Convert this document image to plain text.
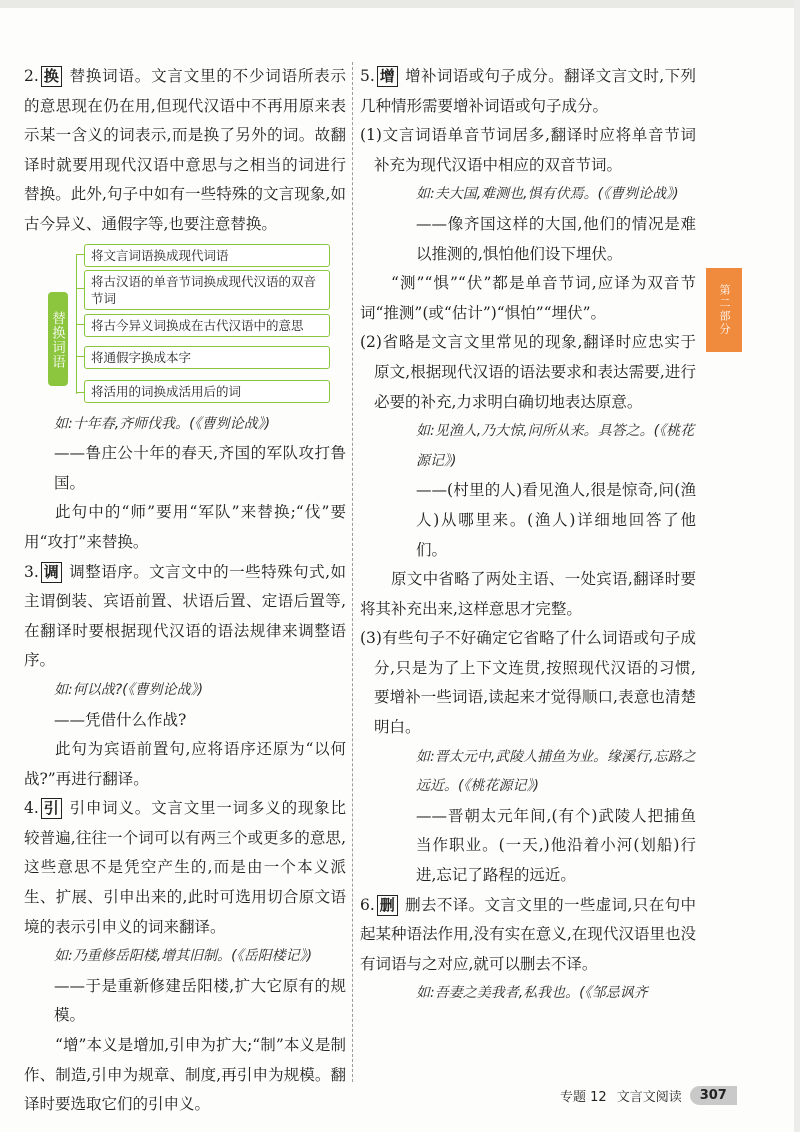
2. 换 替换词语。文言文里的不少词语所表示的意思现在仍在用,但现代汉语中不再用原来表示某一含义的词表示,而是换了另外的词。故翻译时就要用现代汉语中意思与之相当的词进行替换。此外,句子中如有一些特殊的文言现象,如古今异义、通假字等,也要注意替换。

替换词语
将文言词语换成现代词语
将古汉语的单音节词换成现代汉语的双音节词
将古今异义词换成在古代汉语中的意思
将通假字换成本字
将活用的词换成活用后的词

如:十年春,齐师伐我。(《曹刿论战》)

——鲁庄公十年的春天,齐国的军队攻打鲁国。

此句中的“师”要用“军队”来替换;“伐”要用“攻打”来替换。

3. 调 调整语序。文言文中的一些特殊句式,如主谓倒装、宾语前置、状语后置、定语后置等,在翻译时要根据现代汉语的语法规律来调整语序。

如:何以战?(《曹刿论战》)

——凭借什么作战?

此句为宾语前置句,应将语序还原为“以何战?”再进行翻译。

4. 引 引申词义。文言文里一词多义的现象比较普遍,往往一个词可以有两三个或更多的意思,这些意思不是凭空产生的,而是由一个本义派生、扩展、引申出来的,此时可选用切合原文语境的表示引申义的词来翻译。

如:乃重修岳阳楼,增其旧制。(《岳阳楼记》)

——于是重新修建岳阳楼,扩大它原有的规模。

“增”本义是增加,引申为扩大;“制”本义是制作、制造,引申为规章、制度,再引申为规模。翻译时要选取它们的引申义。

5. 增 增补词语或句子成分。翻译文言文时,下列几种情形需要增补词语或句子成分。

(1)文言词语单音节词居多,翻译时应将单音节词补充为现代汉语中相应的双音节词。

如:夫大国,难测也,惧有伏焉。(《曹刿论战》)

——像齐国这样的大国,他们的情况是难以推测的,惧怕他们设下埋伏。

“测”“惧”“伏”都是单音节词,应译为双音节词“推测”(或“估计”)“惧怕”“埋伏”。

(2)省略是文言文里常见的现象,翻译时应忠实于原文,根据现代汉语的语法要求和表达需要,进行必要的补充,力求明白确切地表达原意。

如:见渔人,乃大惊,问所从来。具答之。(《桃花源记》)

——(村里的人)看见渔人,很是惊奇,问(渔人)从哪里来。(渔人)详细地回答了他们。

原文中省略了两处主语、一处宾语,翻译时要将其补充出来,这样意思才完整。

(3)有些句子不好确定它省略了什么词语或句子成分,只是为了上下文连贯,按照现代汉语的习惯,要增补一些词语,读起来才觉得顺口,表意也清楚明白。

如:晋太元中,武陵人捕鱼为业。缘溪行,忘路之远近。(《桃花源记》)

——晋朝太元年间,(有个)武陵人把捕鱼当作职业。(一天,)他沿着小河(划船)行进,忘记了路程的远近。

6. 删 删去不译。文言文里的一些虚词,只在句中起某种语法作用,没有实在意义,在现代汉语里也没有词语与之对应,就可以删去不译。

如:吾妻之美我者,私我也。(《邹忌讽齐

第二部分
专题 12 文言文阅读	307
